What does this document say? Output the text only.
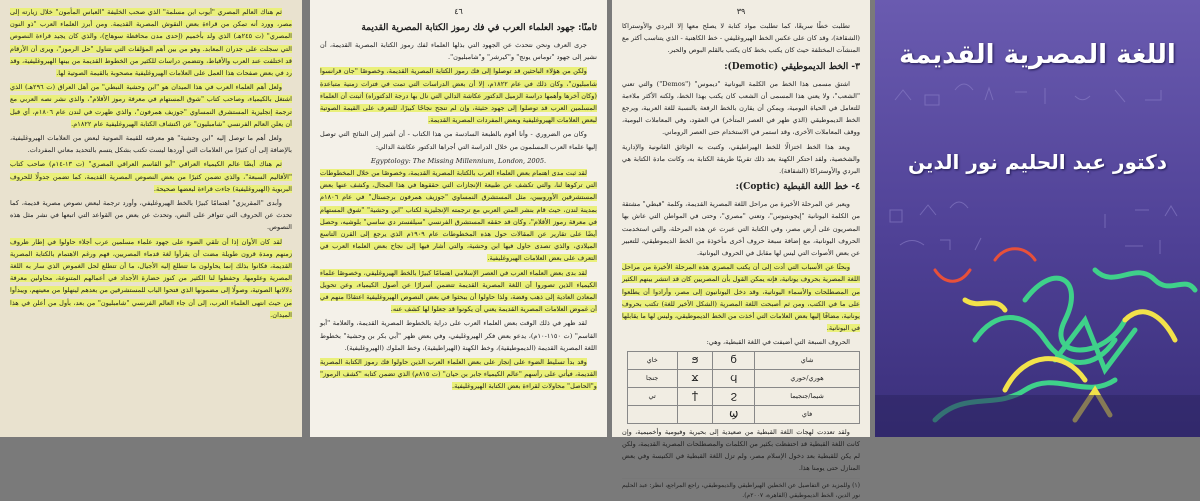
ثم هناك العالم المصري "أيوب ابن مسلمة" الذي صحب الخليفة "العباس المأمون" خلال زيارته إلى مصر، وورد أنه تمكن من قراءة بعض النقوش المصرية القديمة. ومن أبرز العلماء العرب "ذو النون المصري" (ت ٢٤٥هـ) الذي ولد بأخميم (إحدى مدن محافظة سوهاج)، والذي كان يجيد قراءة النصوص التي سجلت على جدران المعابد. وهو من بين أهم المؤلفات التي تتناول "حل الرموز"، ويرى أن الأرقام قد اختلفت عند العرب والأقباط، وتتضمن دراسات للكثير من الخطوط القديمة من بينها الهيروغليفية، وقد رد في بعض صفحات هذا العمل على العلامات الهيروغليفية مصحوبة بالقيمة الصوتية لها.

ولعل أهم العلماء العرب في هذا الميدان هو "ابن وحشية النبطي" من أهل العراق (ت ٢٩٦هـ) الذي اشتغل بالكيمياء، وصاحب كتاب "شوق المستهام في معرفة رموز الأقلام"، والذي نشر نصه العربي مع ترجمة إنجليزية المستشرق النمساوي "جوزيف همرفون"، والذي ظهرت في لندن عام ١٨٠٦م، أي قبل أن يعلن العالم الفرنسي "شامبليون" عن اكتشاف الكتابة الهيروغليفية عام ١٨٢٢م.

ولعل أهم ما توصل إليه "ابن وحشية" هو معرفته للقيمة الصوتية لبعض من العلامات الهيروغليفية، بالإضافة إلى أن كثيرًا من العلامات التي أوردها ليست تكتب بشكل يتسم بالتحديد معاني المفردات.

ثم هناك أيضًا عالم الكيمياء العراقي "أبو القاسم العراقي المصري" (ت ١٣-١٤م) صاحب كتاب "الأقاليم السبعة"، والذي تضمن كثيرًا من بعض النصوص المصرية القديمة، كما تضمن جدولًا للحروف البربوية (الهيروغليفية) جاءت قراءة لبعضها صحيحة.

وأبدى "المقريزي" اهتمامًا كبيرًا بالخط الهيروغليفي، وأورد ترجمة لبعض نصوص مصرية قديمة، كما تحدث عن الحروف التي تتوافر على النص، وتحدث عن بعض من القواعد التي اتبعها في نشر مثل هذه النصوص.

لقد كان الأوان إذا أن تلقي الضوء على جهود علماء مسلمين عرب أجلاء حاولوا في إطار ظروف زمنهم ومدة قرون طويلة مضت أن يقرأوا لغة قدماء المصريين، فهم ورغم الاهتمام بالكتابة المصرية القديمة، فكانوا بذلك إنما يحاولون ما تتطلع إليه الأجيال، ما أن تتطلع لحل الغموض الذي سار به اللغة المصرية وعلومها، وحفظوا لنا الكثير من كنوز حضارة الأجداد في أعمالهم المتنوعة، محاولين معرفة دلالاتها الصوتية، وصولًا إلى مضمونها الذي فتحوا الباب للمستشرقين من بعدهم لينهلوا من معينهم، ويبدأوا من حيث انتهى العلماء العرب، إلى أن جاء العالم الفرنسي "شامبليون" من بعد، بأول من أعلن في هذا الميدان.

٤٦
ثامنًا: جهود العلماء العرب في فك رموز الكتابة المصرية القديمة

جرى العرف ونحن نتحدث عن الجهود التي بذلها العلماء لفك رموز الكتابة المصرية القديمة، أن نشير إلى جهود "توماس يونج" و"كيرشر" و"شامبليون".

ولكن من هؤلاء الباحثين قد توصلوا إلى فك رموز الكتابة المصرية القديمة، وخصوصًا "جان فرانسوا شامبليون"، وكان ذلك في عام ١٨٢٢م، إلا أن بعض الدراسات التي تمت في فترات زمنية متباعدة (وكان آخرها وأهمها دراسة الزميل الدكتور عكاشة الدالي التي نال بها درجة الدكتوراه) أثبتت أن العلماء المسلمين العرب قد توصلوا إلى جهود حثيثة، وإن لم تنجح نجاحًا كبيرًا، للتعرف على القيمة الصوتية لبعض العلامات الهيروغليفية وبعض المفردات المصرية القديمة.

وكان من الضروري - وأنا أقوم بالطبعة السادسة من هذا الكتاب - أن أشير إلى النتائج التي توصل إليها علماء العرب المسلمون من خلال الدراسة التي أجراها الدكتور عكاشة الدالي:

Egyptology: The Missing Millennium, London, 2005.

لقد ثبت مدى اهتمام بعض العلماء العرب بالكتابة المصرية القديمة، وخصوصًا من خلال المخطوطات التي تركوها لنا، والتي تكشف عن طبيعة الإنجازات التي حققوها في هذا المجال، وكشف عنها بعض المستشرقين الأوروبيين، مثل المستشرق النمساوي "جوزيف همرفون برجستال" في عام ١٨٠٦م بمدينة لندن، حيث قام بنشر المتن العربي مع ترجمته الإنجليزية لكتاب "ابن وحشية" "شوق المستهام في معرفة رموز الأقلام"، وكان قد حققه المستشرق الفرنسي "سيلفستر دي ساسي" بلوشيه، وحصل أيضًا على تقارير عن المقالات حول هذه المخطوطات عام ١٩٠٩م الذي يرجع إلى القرن التاسع الميلادي، والذي تصدى حاول فيها ابن وحشية، والتي أشار فيها إلى نجاح بعض العلماء العرب في التعرف على بعض العلامات الهيروغليفية.

لقد بدى بعض العلماء العرب في العصر الإسلامي اهتمامًا كبيرًا بالخط الهيروغليفي، وخصوصًا علماء الكيمياء الذين تصوروا أن اللغة المصرية القديمة تتضمن أسرارًا عن أصول الكيمياء، وعن تحويل المعادن العادية إلى ذهب وفضة، ولذا حاولوا أن يبحثوا في بعض النصوص الهيروغليفية اعتقادًا منهم في أن غموض العلامات المصرية القديمة يعني أن يكونوا قد جعلوا لها كشف عنه.

لقد ظهر في ذلك الوقت بعض العلماء العرب على دراية بالخطوط المصرية القديمة، والعلامة "أبو القاسم" (ت ١١٥٠-١٠م)، يدعو بعض فكر الهيروغليفي، وفي بعض ظهر "أبي بكر بن وحشية" بخطوط اللغة المصرية القديمة (الديموطيقية)، وخط الكهنة (الهيراطيقية)، وخط الملوك (الهيروغليفية).

وقد بدأ تسليط الضوء على إنجاز على بعض العلماء العرب الذين حاولوا فك رموز الكتابة المصرية القديمة، فيأتي على رأسهم "عالم الكيمياء جابر بن حيان" (ت ٨١٥م) الذي تضمن كتابه "كشف الرموز" و"الحاصل" محاولات لقراءة بعض الكتابة الهيروغليفية.

٣٩

تطلبت خطًا سريعًا، كما تطلبت مواد كتابة لا يصلح معها إلا البردي والأوستراكا (الشقافة)، وقد كان على عكس الخط الهيروغليفي - خط الكاهنية - الذي يتناسب أكثر مع المنشآت المختلفة حيث كان يكتب بخط كان يكتب بالقلم البوص والحبر.

٣- الخط الديموطيقي (Demotic):

اشتق مسمى هذا الخط من الكلمة اليونانية "ديموس" ("Demos") والتي تعني "الشعب"، ولا يعني هذا المسمى أن الشعب كان يكتب بهذا الخط، ولكنه الأكثر ملاءمة للتعامل في الحياة اليومية، ويمكن أن يقارن بالخط الرقعة بالنسبة للغة العربية، ويرجع الخط الديموطيقي (الذي ظهر في العصر المتأخر) في العقود، وفي المعاملات اليومية، ووقف المعاملات الأخرى، وقد استمر في الاستخدام حتى العصر الروماني.

ويعد هذا الخط اختزالًا للخط الهيراطيقي، وكتبت به الوثائق القانونية والإدارية والشخصية، ولقد احتكر الكهنة بعد ذلك تقريبًا طريقة الكتابة به، وكانت مادة الكتابة هي البردي والأوستراكا (الشقافة).

٤- خط اللغة القبطية (Coptic):

ويعبر عن المرحلة الأخيرة من مراحل اللغة المصرية القديمة، وكلمة "قبطي" مشتقة من الكلمة اليونانية "إيجوبتيوس"، وتعني "مصري"، وحتى في المواطن التي عاش بها المصريون على أرض مصر، وفي الكتابة التي عبرت عن هذه المرحلة، والتي استخدمت الحروف اليونانية، مع إضافة سبعة حروف أخرى مأخوذة من الخط الديموطيقي، للتعبير عن بعض الأصوات التي ليس لها مقابل في الحروف اليونانية.

وبحثًا عن الأسباب التي أدت إلى أن يكتب المصري هذه المرحلة الأخيرة من مراحل اللغة المصرية بحروف يونانية، فإنه يمكن القول بأن المصريين كان قد انتشر بينهم الكثير من المصطلحات والأسماء اليونانية، وقد دخل اليونانيون إلى مصر، وأرادوا أن يطلعوا على ما في الكتب، ومن ثم أصبحت اللغة المصرية (الشكل الأخير للغة) تكتب بحروف يونانية، مضافًا إليها بعض العلامات التي أخذت من الخط الديموطيقي، وليس لها ما يقابلها في اليونانية.

الحروف السبعة التي أضيفت في اللغة القبطية، وهي:

شاي	ϭ	ϧ	خاي
هوري/حوري	ϥ	ϫ	جنجا
شيما/جنجيما	ϩ	ϯ	تي
فاي	ϣ		

ولقد تعددت لهجات اللغة القبطية من صعيدية إلى بحيرية وفيومية وأخميمية، وإن كانت اللغة القبطية قد احتفظت بكثير من الكلمات والمصطلحات المصرية القديمة، ولكن لم يكن للقبطية بعد دخول الإسلام مصر، ولم تزل اللغة القبطية في الكنيسة وفي بعض المنازل حتى يومنا هذا.

(١) وللمزيد عن التفاصيل عن الخطين الهيراطيقي والديموطيقي، راجع المراجع، انظر: عبد الحليم نور الدين، الخط الديموطيقي (القاهرة، ٢٠٠٧م).
اللغة المصرية القديمة
دكتور عبد الحليم نور الدين
